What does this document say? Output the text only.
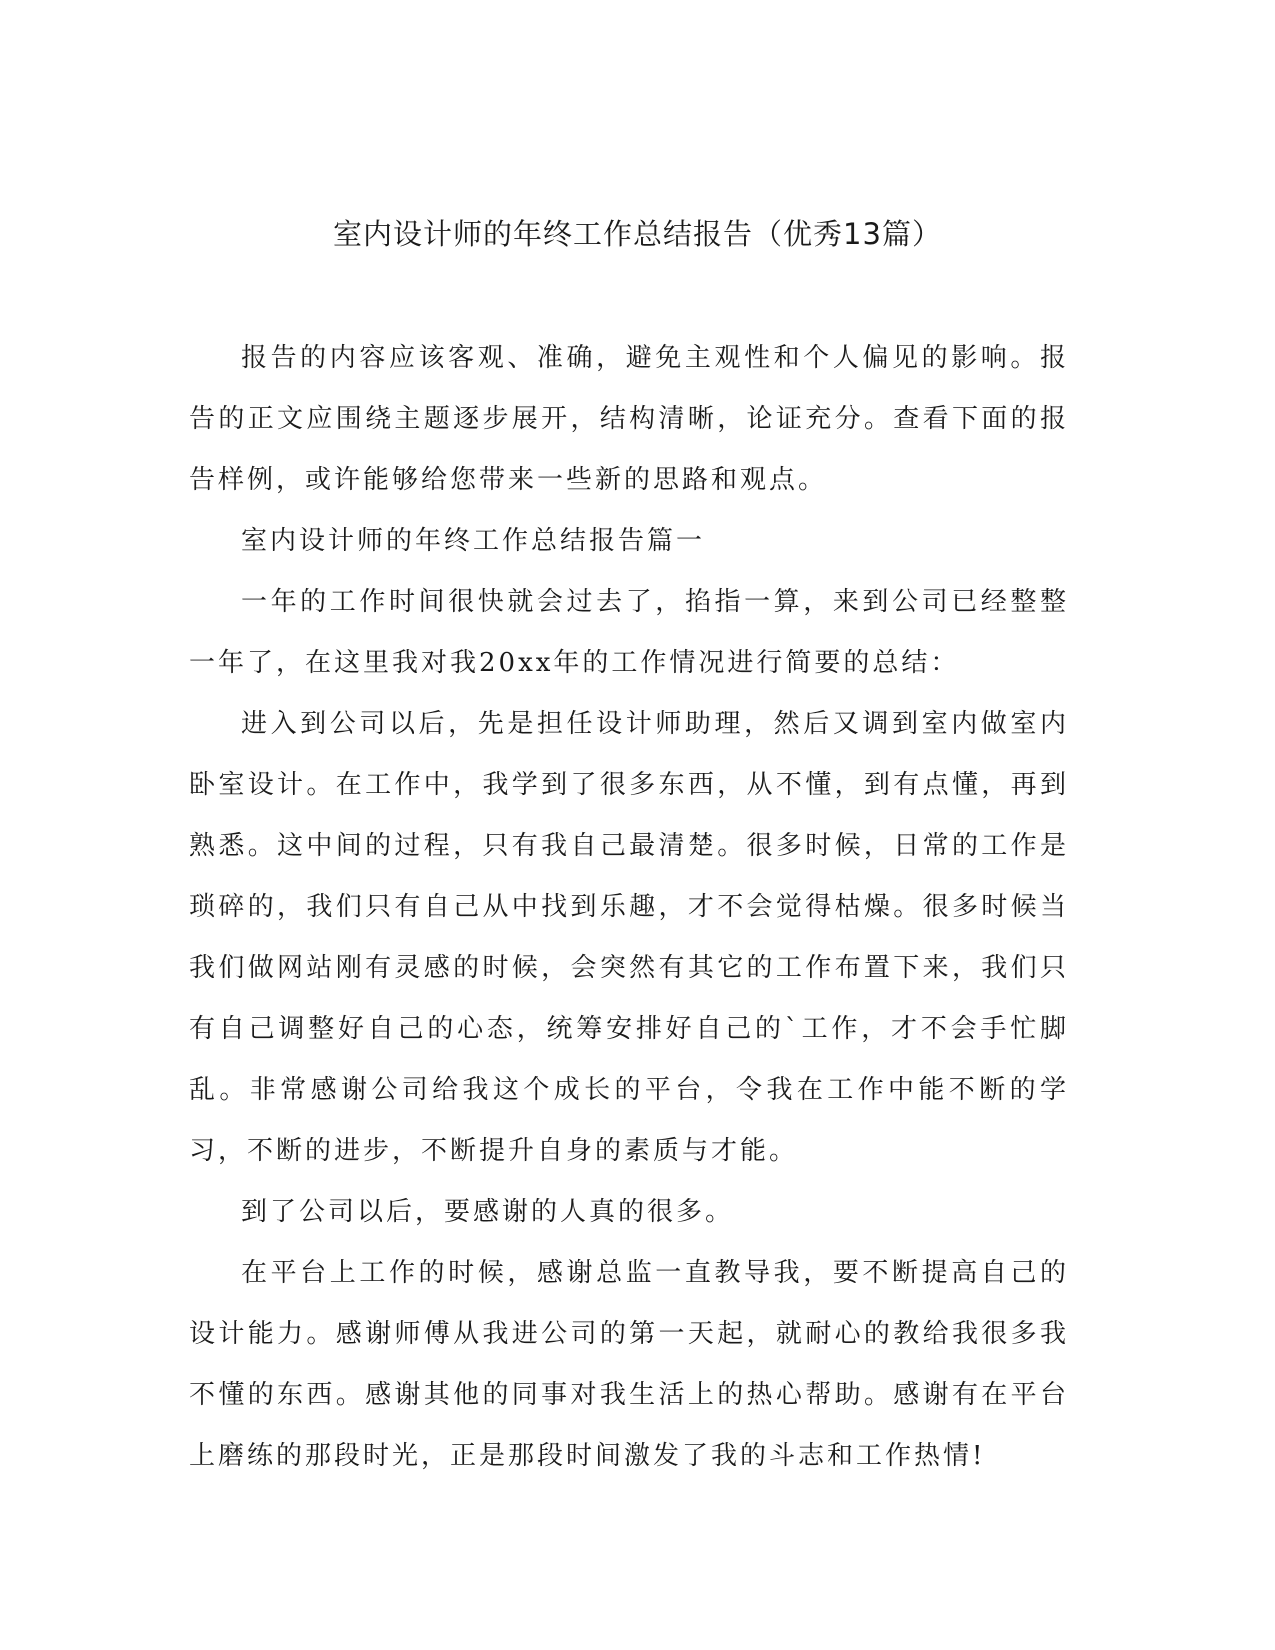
室内设计师的年终工作总结报告（优秀13篇）

报告的内容应该客观、准确，避免主观性和个人偏见的影响。报告的正文应围绕主题逐步展开，结构清晰，论证充分。查看下面的报告样例，或许能够给您带来一些新的思路和观点。

室内设计师的年终工作总结报告篇一

一年的工作时间很快就会过去了，掐指一算，来到公司已经整整一年了，在这里我对我20xx年的工作情况进行简要的总结：

进入到公司以后，先是担任设计师助理，然后又调到室内做室内卧室设计。在工作中，我学到了很多东西，从不懂，到有点懂，再到熟悉。这中间的过程，只有我自己最清楚。很多时候，日常的工作是琐碎的，我们只有自己从中找到乐趣，才不会觉得枯燥。很多时候当我们做网站刚有灵感的时候，会突然有其它的工作布置下来，我们只有自己调整好自己的心态，统筹安排好自己的`工作，才不会手忙脚乱。非常感谢公司给我这个成长的平台，令我在工作中能不断的学习，不断的进步，不断提升自身的素质与才能。

到了公司以后，要感谢的人真的很多。

在平台上工作的时候，感谢总监一直教导我，要不断提高自己的设计能力。感谢师傅从我进公司的第一天起，就耐心的教给我很多我不懂的东西。感谢其他的同事对我生活上的热心帮助。感谢有在平台上磨练的那段时光，正是那段时间激发了我的斗志和工作热情!
